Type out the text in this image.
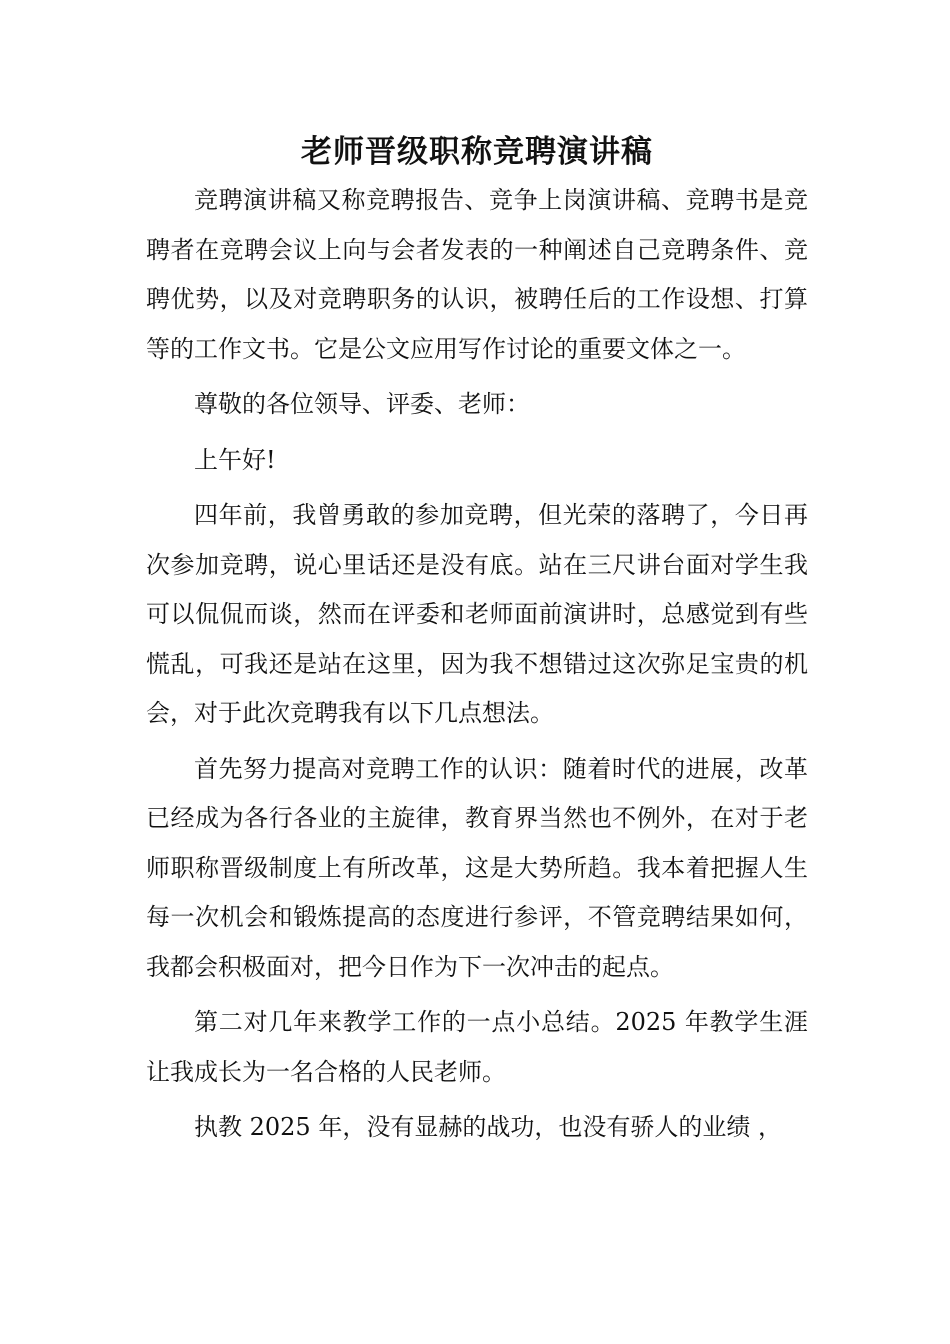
老师晋级职称竞聘演讲稿

竞聘演讲稿又称竞聘报告、竞争上岗演讲稿、竞聘书是竞聘者在竞聘会议上向与会者发表的一种阐述自己竞聘条件、竞聘优势，以及对竞聘职务的认识，被聘任后的工作设想、打算等的工作文书。它是公文应用写作讨论的重要文体之一。

尊敬的各位领导、评委、老师：

上午好!

四年前，我曾勇敢的参加竞聘，但光荣的落聘了，今日再次参加竞聘，说心里话还是没有底。站在三尺讲台面对学生我可以侃侃而谈，然而在评委和老师面前演讲时，总感觉到有些慌乱，可我还是站在这里，因为我不想错过这次弥足宝贵的机会，对于此次竞聘我有以下几点想法。

首先努力提高对竞聘工作的认识：随着时代的进展，改革已经成为各行各业的主旋律，教育界当然也不例外，在对于老师职称晋级制度上有所改革，这是大势所趋。我本着把握人生每一次机会和锻炼提高的态度进行参评，不管竞聘结果如何，我都会积极面对，把今日作为下一次冲击的起点。

第二对几年来教学工作的一点小总结。2025 年教学生涯让我成长为一名合格的人民老师。

执教 2025 年，没有显赫的战功，也没有骄人的业绩 ，
